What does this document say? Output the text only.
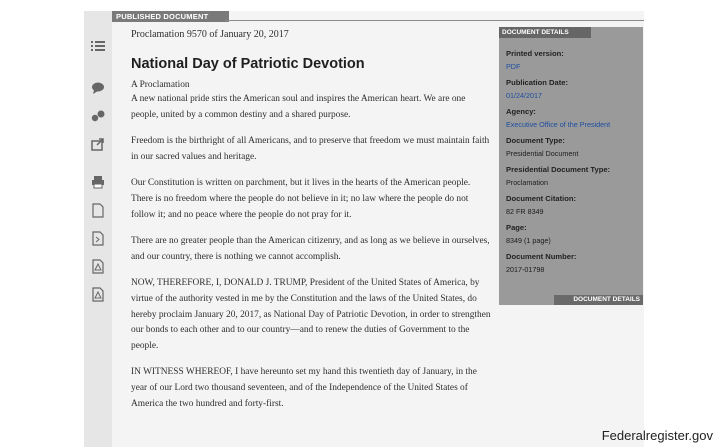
PUBLISHED DOCUMENT

Proclamation 9570 of January 20, 2017

National Day of Patriotic Devotion

A Proclamation

A new national pride stirs the American soul and inspires the American heart. We are one people, united by a common destiny and a shared purpose.

Freedom is the birthright of all Americans, and to preserve that freedom we must maintain faith in our sacred values and heritage.

Our Constitution is written on parchment, but it lives in the hearts of the American people. There is no freedom where the people do not believe in it; no law where the people do not follow it; and no peace where the people do not pray for it.

There are no greater people than the American citizenry, and as long as we believe in ourselves, and our country, there is nothing we cannot accomplish.

NOW, THEREFORE, I, DONALD J. TRUMP, President of the United States of America, by virtue of the authority vested in me by the Constitution and the laws of the United States, do hereby proclaim January 20, 2017, as National Day of Patriotic Devotion, in order to strengthen our bonds to each other and to our country—and to renew the duties of Government to the people.

IN WITNESS WHEREOF, I have hereunto set my hand this twentieth day of January, in the year of our Lord two thousand seventeen, and of the Independence of the United States of America the two hundred and forty-first.

DOCUMENT DETAILS
Printed version:
PDF
Publication Date:
01/24/2017
Agency:
Executive Office of the President
Document Type:
Presidential Document
Presidential Document Type:
Proclamation
Document Citation:
82 FR 8349
Page:
8349 (1 page)
Document Number:
2017-01798
DOCUMENT DETAILS
Federalregister.gov
